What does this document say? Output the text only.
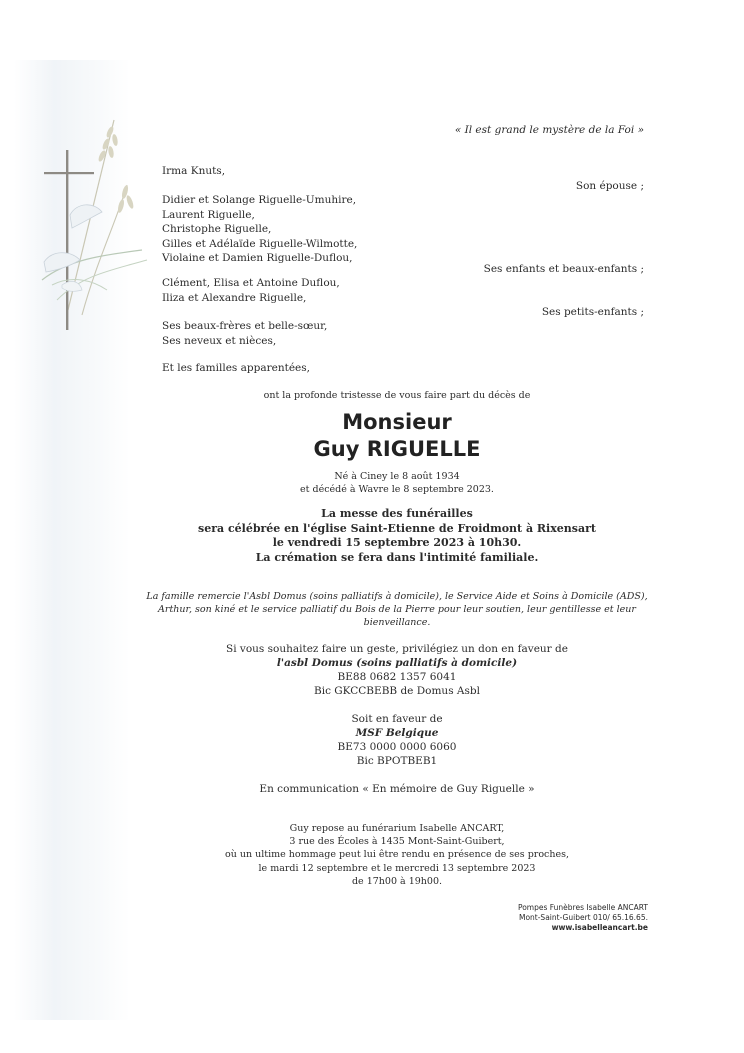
« Il est grand le mystère de la Foi »
Irma Knuts,
Son épouse ;
Didier et Solange Riguelle-Umuhire,
Laurent Riguelle,
Christophe Riguelle,
Gilles et Adélaïde Riguelle-Wilmotte,
Violaine et Damien Riguelle-Duflou,
Ses enfants et beaux-enfants ;
Clément, Elisa et Antoine Duflou,
Iliza et Alexandre Riguelle,
Ses petits-enfants ;
Ses beaux-frères et belle-sœur,
Ses neveux et nièces,
Et les familles apparentées,
ont la profonde tristesse de vous faire part du décès de
Monsieur
Guy RIGUELLE
Né à Ciney le 8 août 1934
et décédé à Wavre le 8 septembre 2023.
La messe des funérailles
sera célébrée en l'église Saint-Etienne de Froidmont à Rixensart
le vendredi 15 septembre 2023 à 10h30.
La crémation se fera dans l'intimité familiale.
La famille remercie l'Asbl Domus (soins palliatifs à domicile), le Service Aide et Soins à Domicile (ADS),
Arthur, son kiné et le service palliatif du Bois de la Pierre pour leur soutien, leur gentillesse et leur
bienveillance.
Si vous souhaitez faire un geste, privilégiez un don en faveur de
l'asbl Domus (soins palliatifs à domicile)
BE88 0682 1357 6041
Bic GKCCBEBB de Domus Asbl
Soit en faveur de
MSF Belgique
BE73 0000 0000 6060
Bic BPOTBEB1
En communication « En mémoire de Guy Riguelle »
Guy repose au funérarium Isabelle ANCART,
3 rue des Écoles à 1435 Mont-Saint-Guibert,
où un ultime hommage peut lui être rendu en présence de ses proches,
le mardi 12 septembre et le mercredi 13 septembre 2023
de 17h00 à 19h00.
Pompes Funèbres Isabelle ANCART
Mont-Saint-Guibert 010/ 65.16.65.
www.isabelleancart.be
